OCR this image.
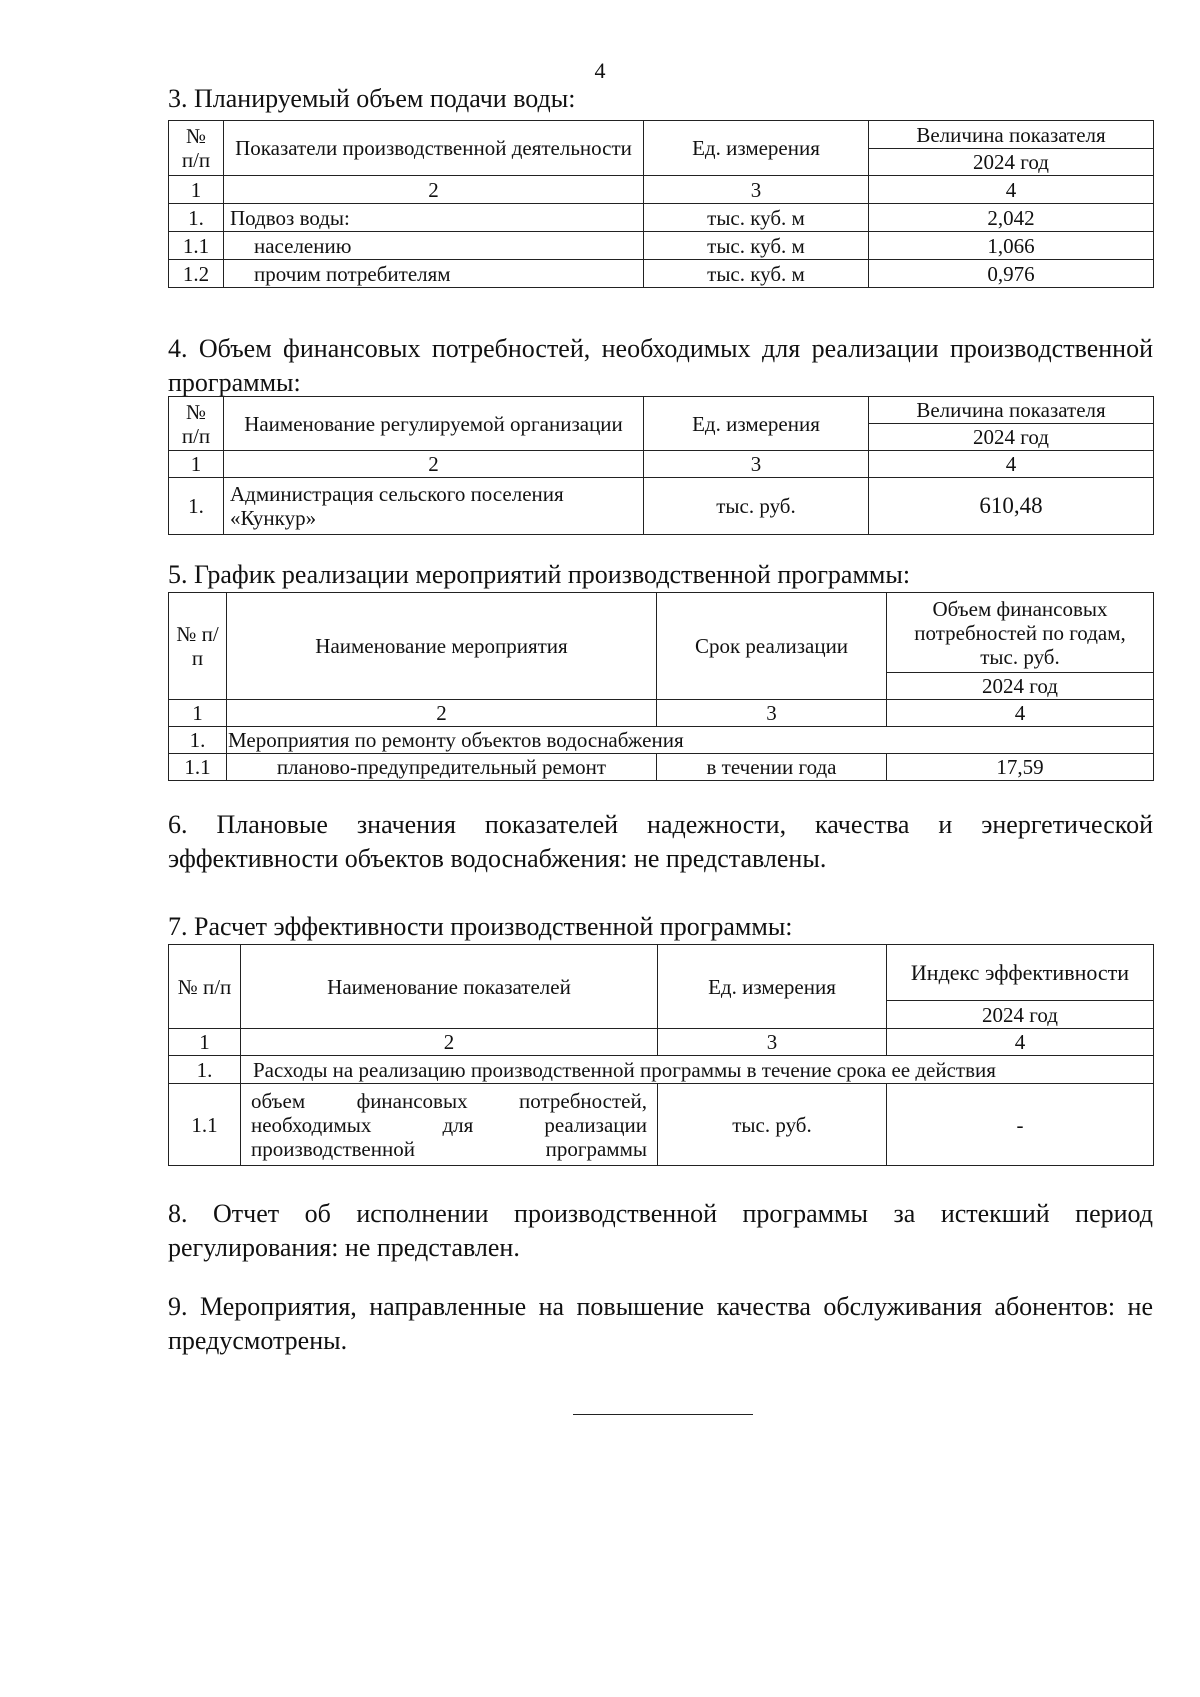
4
3. Планируемый объем подачи воды:
№ п/п	Показатели производственной деятельности	Ед. измерения	Величина показателя
			2024 год
1	2	3	4
1.	Подвоз воды:	тыс. куб. м	2,042
1.1	населению	тыс. куб. м	1,066
1.2	прочим потребителям	тыс. куб. м	0,976
4. Объем финансовых потребностей, необходимых для реализации производственной программы:
№ п/п	Наименование регулируемой организации	Ед. измерения	Величина показателя
			2024 год
1	2	3	4
1.	Администрация сельского поселения «Кункур»	тыс. руб.	610,48
5. График реализации мероприятий производственной программы:
№ п/п	Наименование мероприятия	Срок реализации	Объем финансовых потребностей по годам, тыс. руб.
			2024 год
1	2	3	4
1.	Мероприятия по ремонту объектов водоснабжения		
1.1	планово-предупредительный ремонт	в течении года	17,59
6. Плановые значения показателей надежности, качества и энергетической эффективности объектов водоснабжения: не представлены.
7. Расчет эффективности производственной программы:
№ п/п	Наименование показателей	Ед. измерения	Индекс эффективности
			2024 год
1	2	3	4
1.	Расходы на реализацию производственной программы в течение срока ее действия		
1.1	объем финансовых потребностей, необходимых для реализации производственной программы	тыс. руб.	-
8. Отчет об исполнении производственной программы за истекший период регулирования: не представлен.
9. Мероприятия, направленные на повышение качества обслуживания абонентов: не предусмотрены.
